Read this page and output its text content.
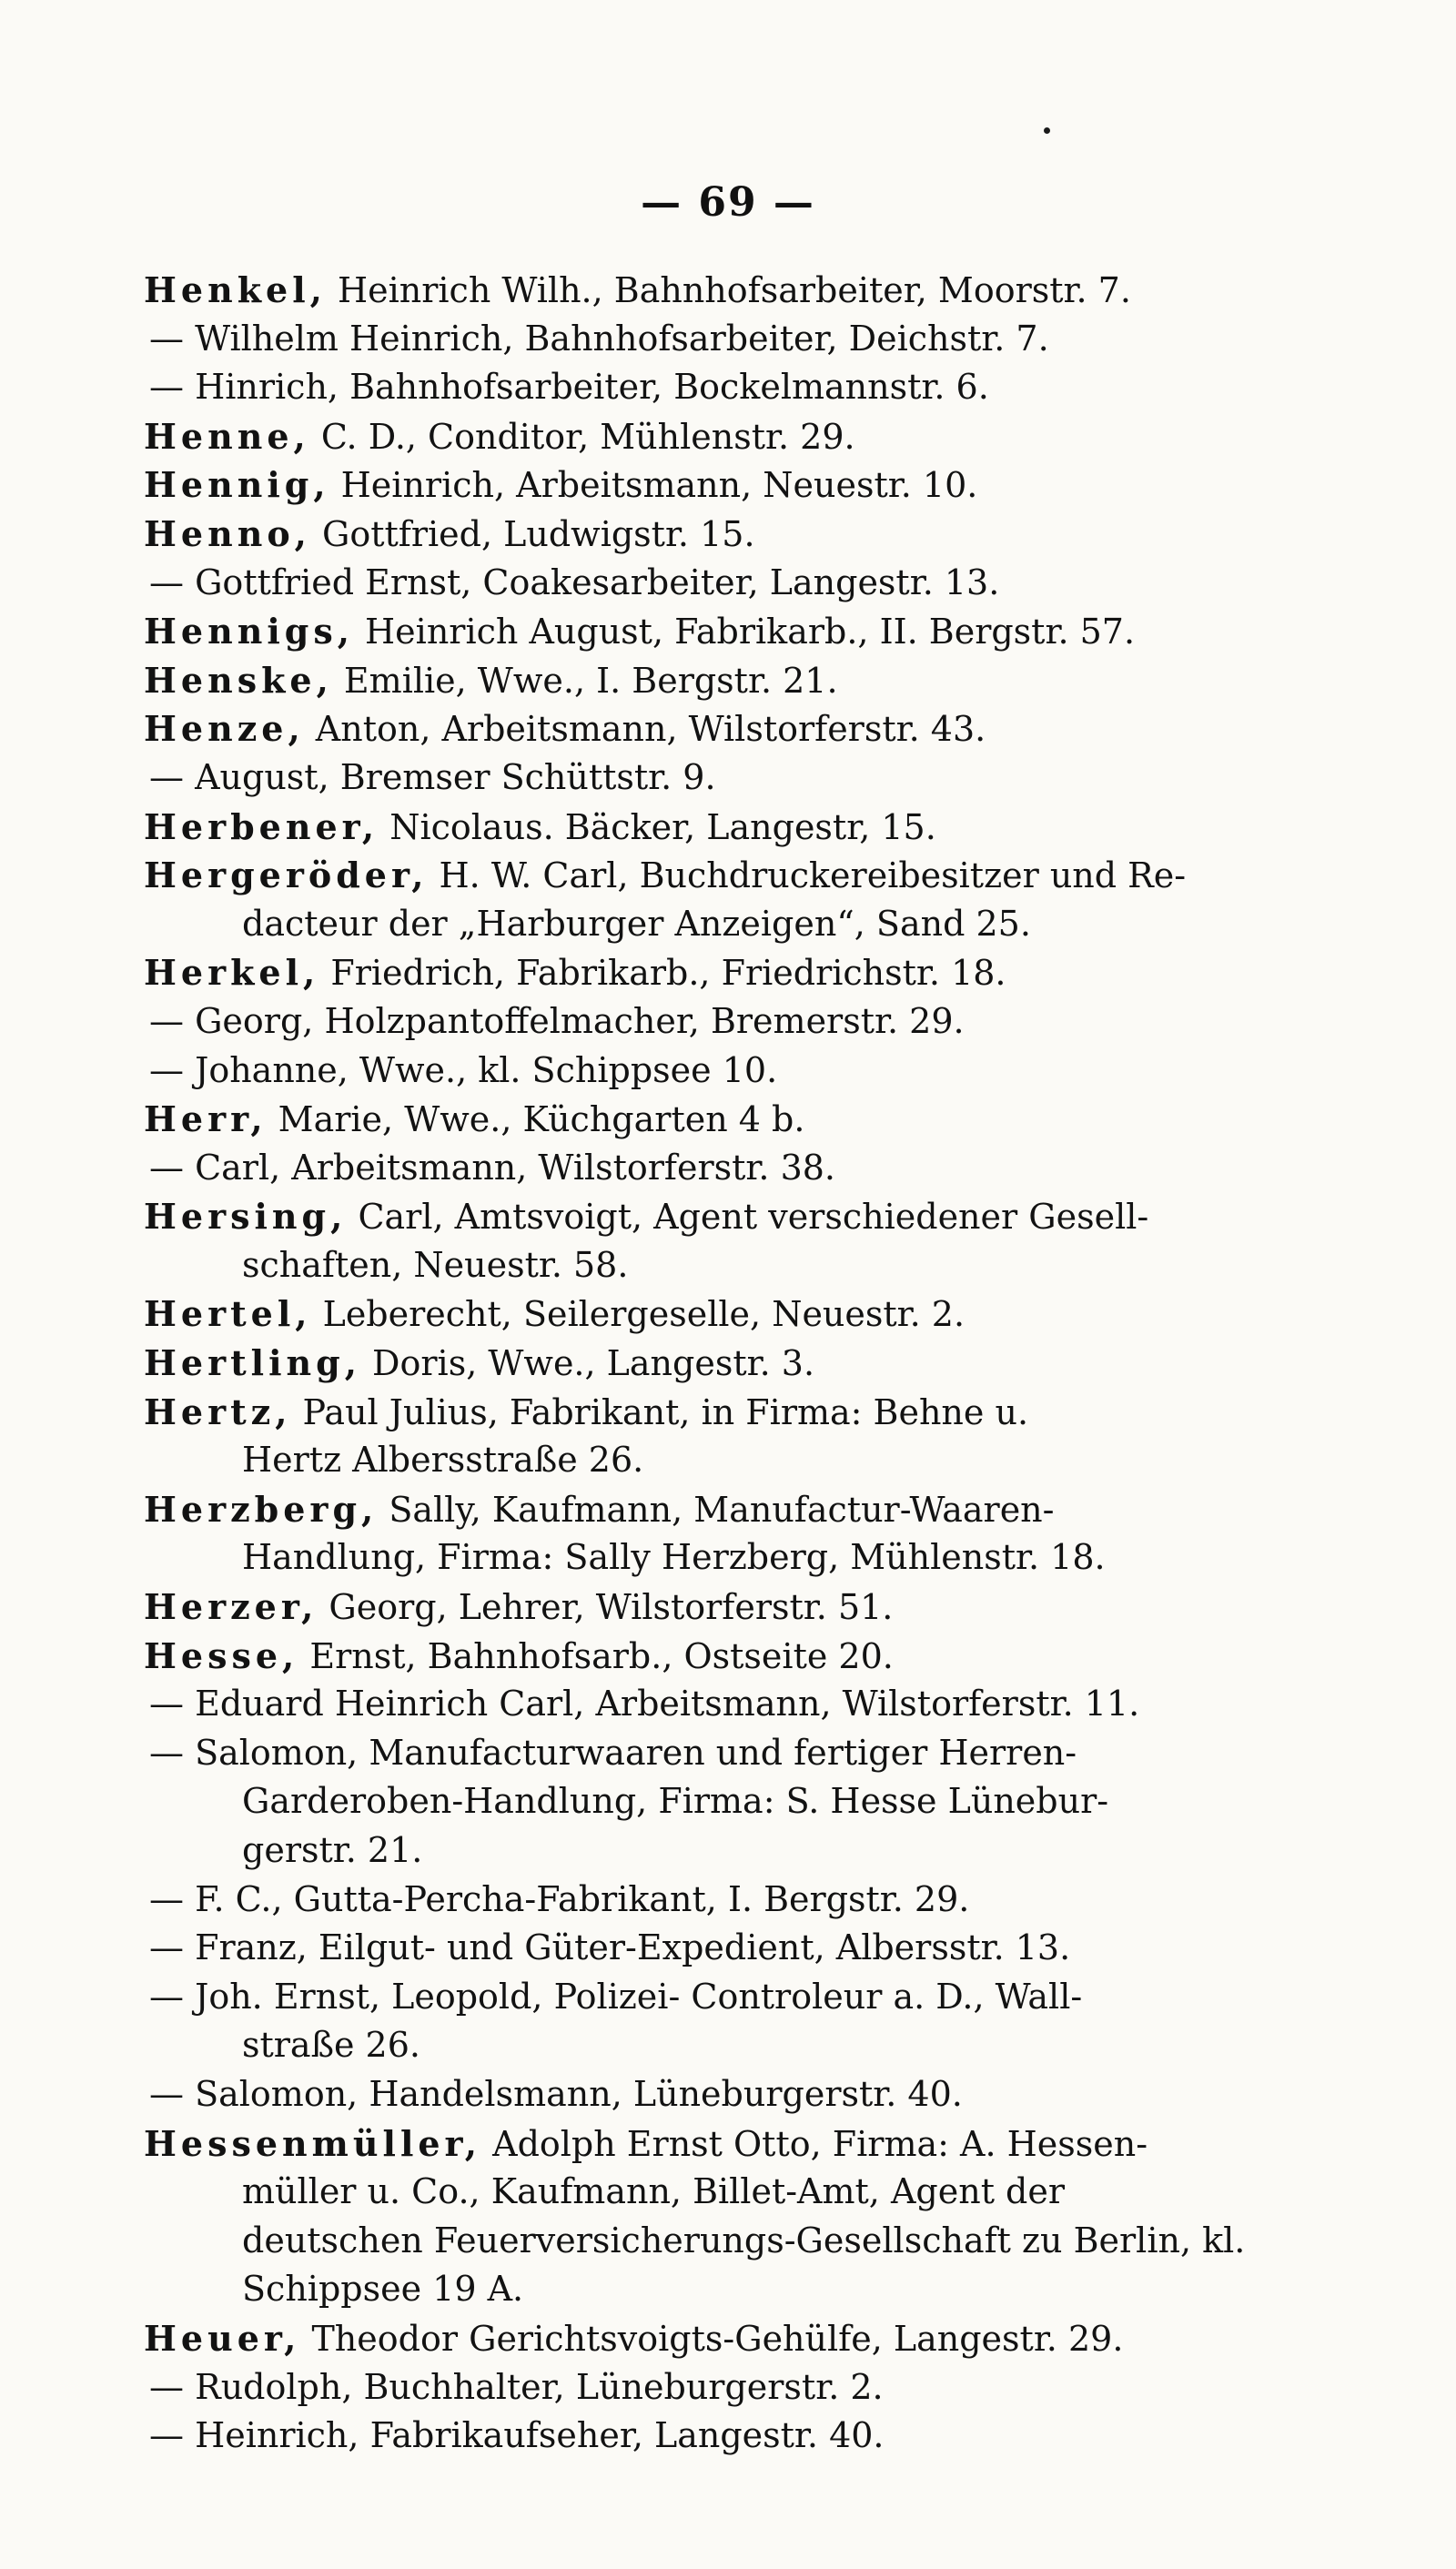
— 69 —
Henkel, Heinrich Wilh., Bahnhofsarbeiter, Moorstr. 7.
— Wilhelm Heinrich, Bahnhofsarbeiter, Deichstr. 7.
— Hinrich, Bahnhofsarbeiter, Bockelmannstr. 6.
Henne, C. D., Conditor, Mühlenstr. 29.
Hennig, Heinrich, Arbeitsmann, Neuestr. 10.
Henno, Gottfried, Ludwigstr. 15.
— Gottfried Ernst, Coakesarbeiter, Langestr. 13.
Hennigs, Heinrich August, Fabrikarb., II. Bergstr. 57.
Henske, Emilie, Wwe., I. Bergstr. 21.
Henze, Anton, Arbeitsmann, Wilstorferstr. 43.
— August, Bremser Schüttstr. 9.
Herbener, Nicolaus. Bäcker, Langestr, 15.
Hergeröder, H. W. Carl, Buchdruckereibesitzer und Re-
dacteur der „Harburger Anzeigen“, Sand 25.
Herkel, Friedrich, Fabrikarb., Friedrichstr. 18.
— Georg, Holzpantoffelmacher, Bremerstr. 29.
— Johanne, Wwe., kl. Schippsee 10.
Herr, Marie, Wwe., Küchgarten 4 b.
— Carl, Arbeitsmann, Wilstorferstr. 38.
Hersing, Carl, Amtsvoigt, Agent verschiedener Gesell-
schaften, Neuestr. 58.
Hertel, Leberecht, Seilergeselle, Neuestr. 2.
Hertling, Doris, Wwe., Langestr. 3.
Hertz, Paul Julius, Fabrikant, in Firma: Behne u.
Hertz Albersstraße 26.
Herzberg, Sally, Kaufmann, Manufactur-Waaren-
Handlung, Firma: Sally Herzberg, Mühlenstr. 18.
Herzer, Georg, Lehrer, Wilstorferstr. 51.
Hesse, Ernst, Bahnhofsarb., Ostseite 20.
— Eduard Heinrich Carl, Arbeitsmann, Wilstorferstr. 11.
— Salomon, Manufacturwaaren und fertiger Herren-
Garderoben-Handlung, Firma: S. Hesse Lünebur-
gerstr. 21.
— F. C., Gutta-Percha-Fabrikant, I. Bergstr. 29.
— Franz, Eilgut- und Güter-Expedient, Albersstr. 13.
— Joh. Ernst, Leopold, Polizei- Controleur a. D., Wall-
straße 26.
— Salomon, Handelsmann, Lüneburgerstr. 40.
Hessenmüller, Adolph Ernst Otto, Firma: A. Hessen-
müller u. Co., Kaufmann, Billet-Amt, Agent der
deutschen Feuerversicherungs-Gesellschaft zu Berlin, kl.
Schippsee 19 A.
Heuer, Theodor Gerichtsvoigts-Gehülfe, Langestr. 29.
— Rudolph, Buchhalter, Lüneburgerstr. 2.
— Heinrich, Fabrikaufseher, Langestr. 40.
